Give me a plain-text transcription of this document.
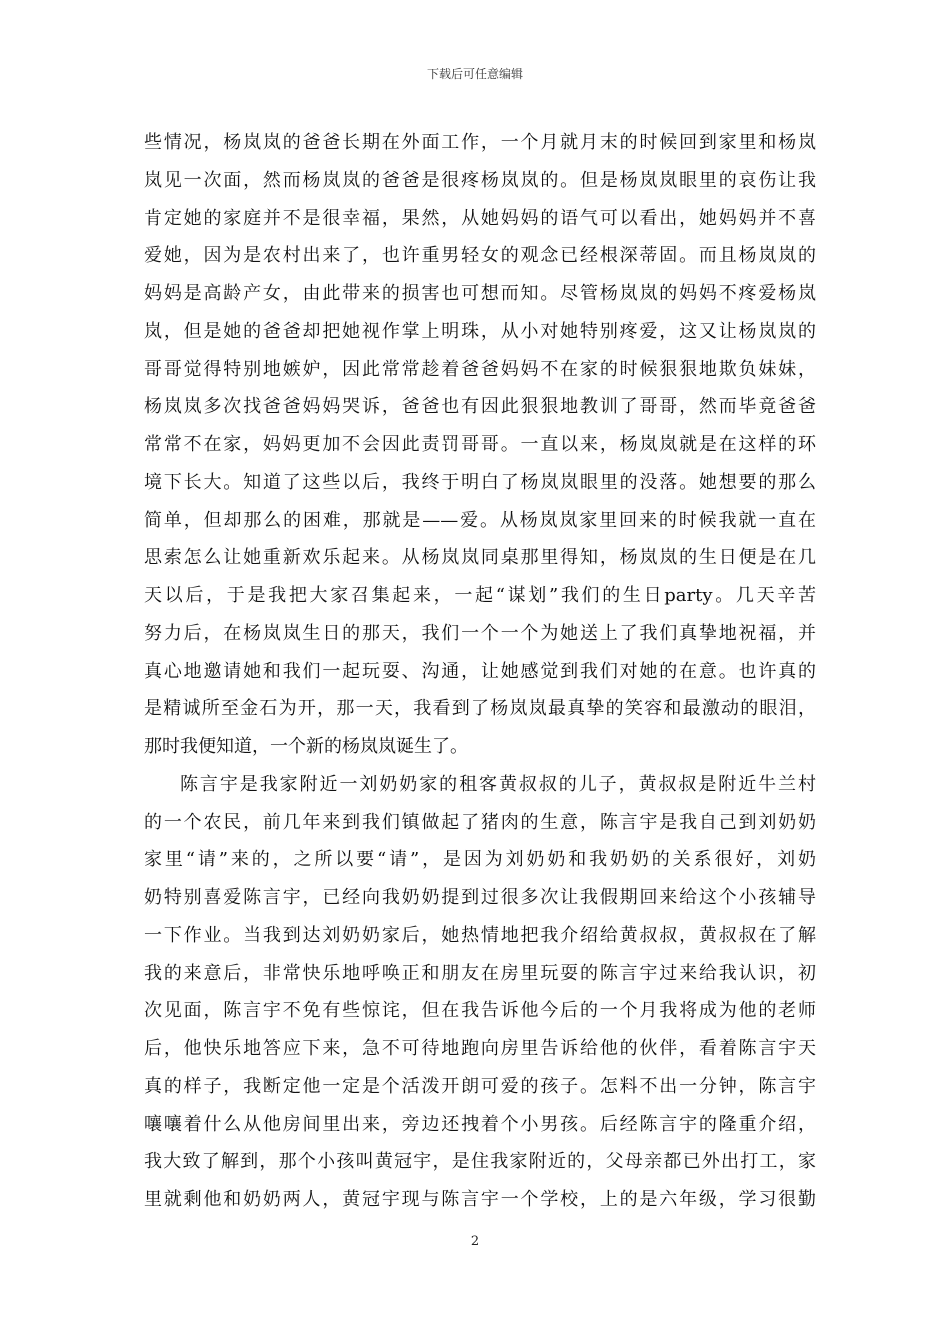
下载后可任意编辑
些情况，杨岚岚的爸爸长期在外面工作，一个月就月末的时候回到家里和杨岚
岚见一次面，然而杨岚岚的爸爸是很疼杨岚岚的。但是杨岚岚眼里的哀伤让我
肯定她的家庭并不是很幸福，果然，从她妈妈的语气可以看出，她妈妈并不喜
爱她，因为是农村出来了，也许重男轻女的观念已经根深蒂固。而且杨岚岚的
妈妈是高龄产女，由此带来的损害也可想而知。尽管杨岚岚的妈妈不疼爱杨岚
岚，但是她的爸爸却把她视作掌上明珠，从小对她特别疼爱，这又让杨岚岚的
哥哥觉得特别地嫉妒，因此常常趁着爸爸妈妈不在家的时候狠狠地欺负妹妹，
杨岚岚多次找爸爸妈妈哭诉，爸爸也有因此狠狠地教训了哥哥，然而毕竟爸爸
常常不在家，妈妈更加不会因此责罚哥哥。一直以来，杨岚岚就是在这样的环
境下长大。知道了这些以后，我终于明白了杨岚岚眼里的没落。她想要的那么
简单，但却那么的困难，那就是——爱。从杨岚岚家里回来的时候我就一直在
思索怎么让她重新欢乐起来。从杨岚岚同桌那里得知，杨岚岚的生日便是在几
天以后，于是我把大家召集起来，一起“谋划”我们的生日party。几天辛苦
努力后，在杨岚岚生日的那天，我们一个一个为她送上了我们真挚地祝福，并
真心地邀请她和我们一起玩耍、沟通，让她感觉到我们对她的在意。也许真的
是精诚所至金石为开，那一天，我看到了杨岚岚最真挚的笑容和最激动的眼泪，
那时我便知道，一个新的杨岚岚诞生了。
陈言宇是我家附近一刘奶奶家的租客黄叔叔的儿子，黄叔叔是附近牛兰村
的一个农民，前几年来到我们镇做起了猪肉的生意，陈言宇是我自己到刘奶奶
家里“请”来的，之所以要“请”，是因为刘奶奶和我奶奶的关系很好，刘奶
奶特别喜爱陈言宇，已经向我奶奶提到过很多次让我假期回来给这个小孩辅导
一下作业。当我到达刘奶奶家后，她热情地把我介绍给黄叔叔，黄叔叔在了解
我的来意后，非常快乐地呼唤正和朋友在房里玩耍的陈言宇过来给我认识，初
次见面，陈言宇不免有些惊诧，但在我告诉他今后的一个月我将成为他的老师
后，他快乐地答应下来，急不可待地跑向房里告诉给他的伙伴，看着陈言宇天
真的样子，我断定他一定是个活泼开朗可爱的孩子。怎料不出一分钟，陈言宇
嚷嚷着什么从他房间里出来，旁边还拽着个小男孩。后经陈言宇的隆重介绍，
我大致了解到，那个小孩叫黄冠宇，是住我家附近的，父母亲都已外出打工，家
里就剩他和奶奶两人，黄冠宇现与陈言宇一个学校，上的是六年级，学习很勤
2
